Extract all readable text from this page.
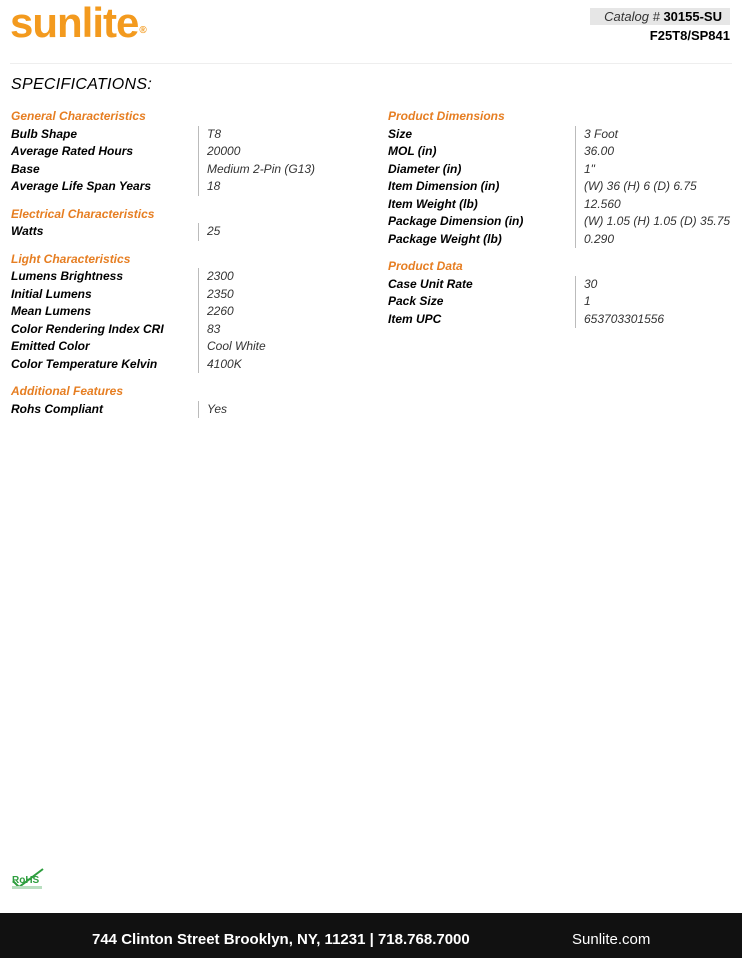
sunlite®
Catalog # 30155-SU
F25T8/SP841
SPECIFICATIONS:
General Characteristics
Bulb Shape	T8
Average Rated Hours	20000
Base	Medium 2-Pin (G13)
Average Life Span Years	18
Electrical Characteristics
Watts	25
Light Characteristics
Lumens Brightness	2300
Initial Lumens	2350
Mean Lumens	2260
Color Rendering Index CRI	83
Emitted Color	Cool White
Color Temperature Kelvin	4100K
Additional Features
Rohs Compliant	Yes
Product Dimensions
Size	3 Foot
MOL (in)	36.00
Diameter (in)	1"
Item Dimension (in)	(W) 36 (H) 6 (D) 6.75
Item Weight (lb)	12.560
Package Dimension (in)	(W) 1.05 (H) 1.05 (D) 35.75
Package Weight (lb)	0.290
Product Data
Case Unit Rate	30
Pack Size	1
Item UPC	653703301556
RoHS
744 Clinton Street Brooklyn, NY, 11231 | 718.768.7000	Sunlite.com
